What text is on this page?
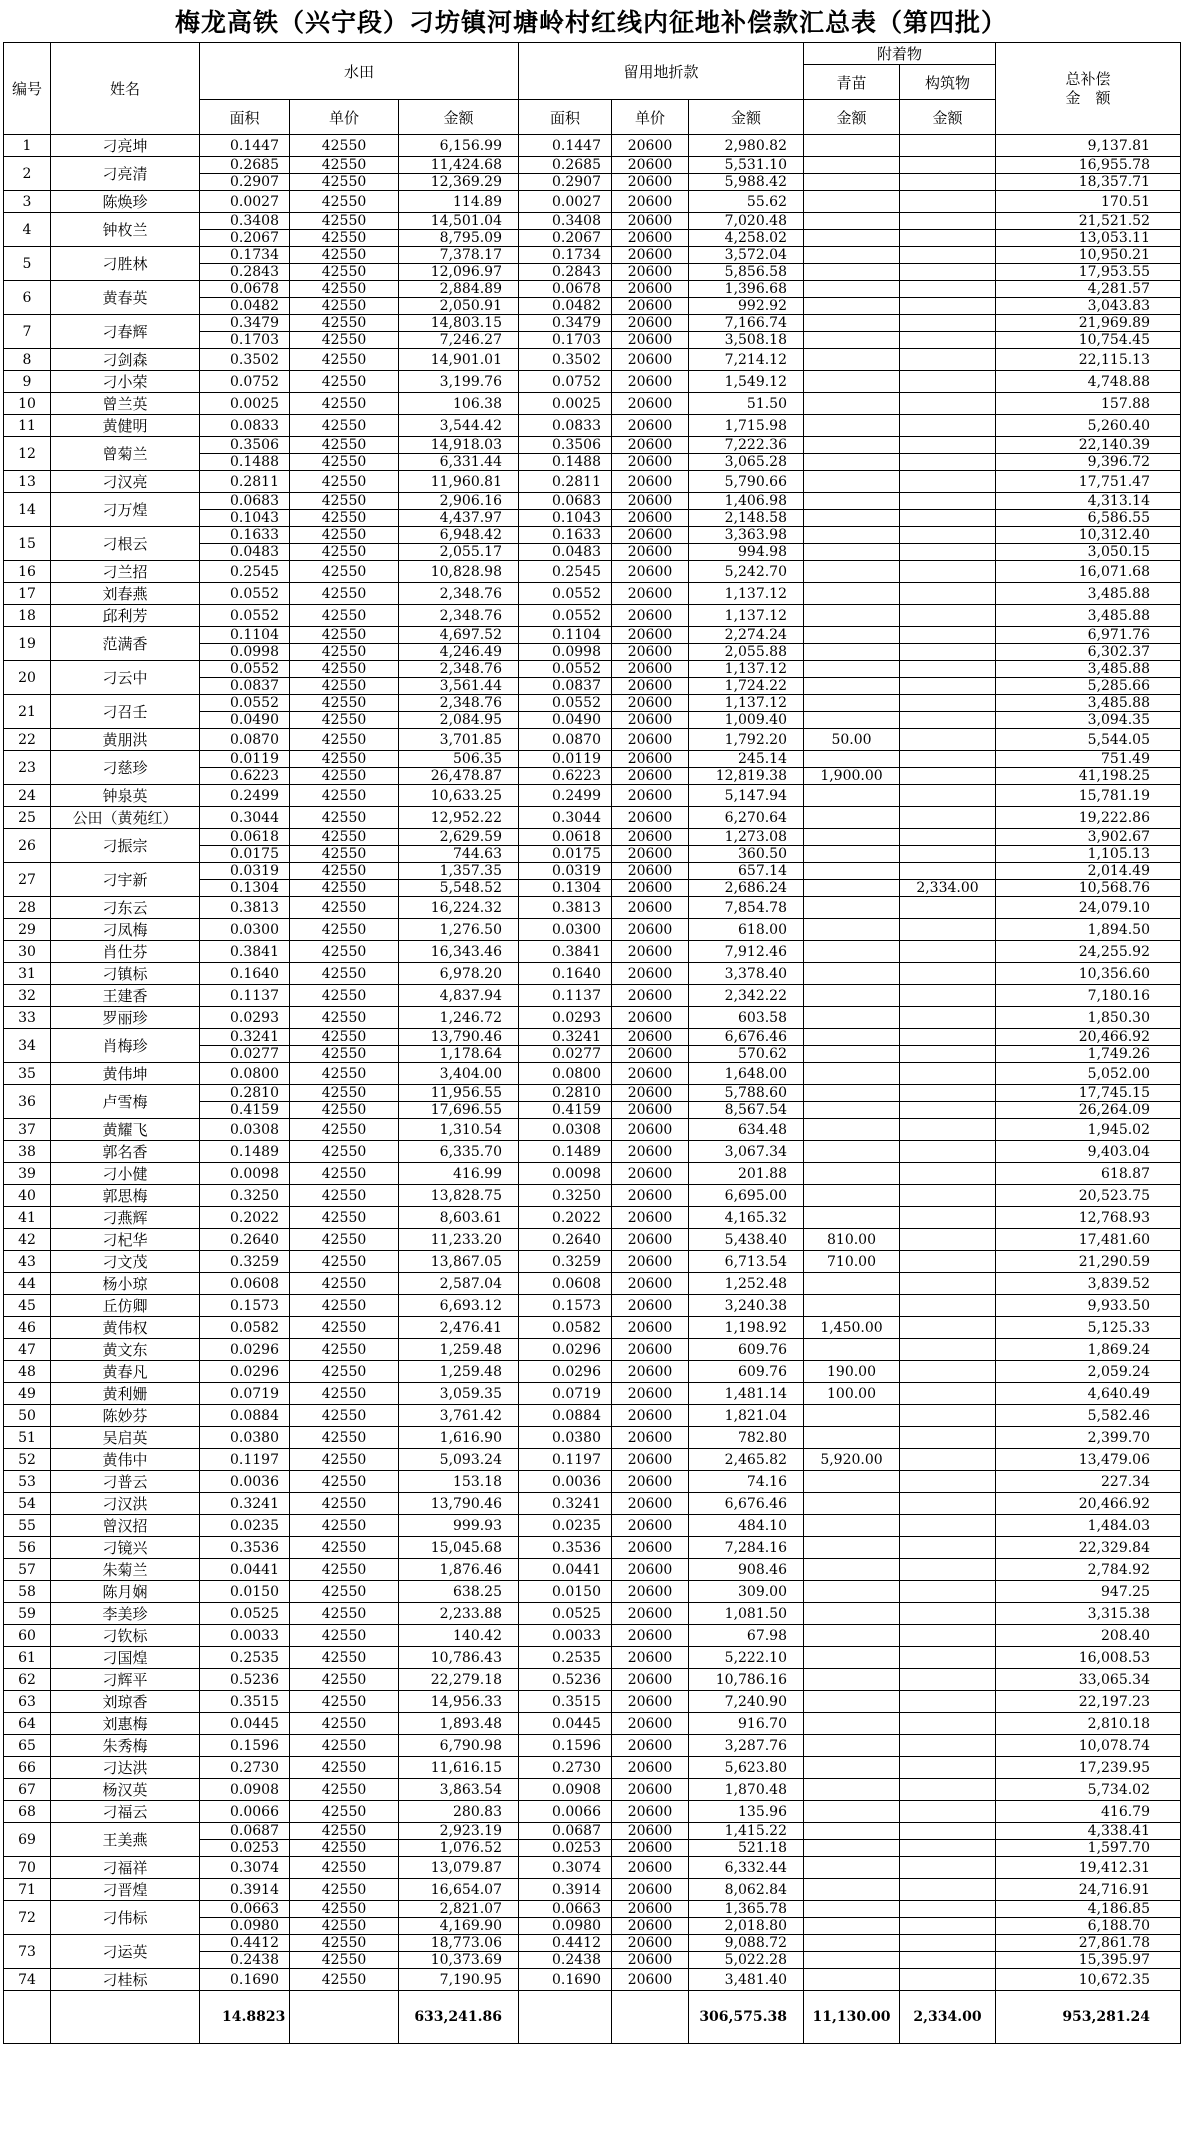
梅龙高铁（兴宁段）刁坊镇河塘岭村红线内征地补偿款汇总表（第四批）
编号	姓名	水田			留用地折款			附着物		总补偿
金　额
								青苗	构筑物	
		面积	单价	金额	面积	单价	金额	金额	金额	
1	刁亮坤	0.1447	42550	6,156.99	0.1447	20600	2,980.82			9,137.81
2	刁亮清	0.2685	42550	11,424.68	0.2685	20600	5,531.10			16,955.78
		0.2907	42550	12,369.29	0.2907	20600	5,988.42			18,357.71
3	陈焕珍	0.0027	42550	114.89	0.0027	20600	55.62			170.51
4	钟枚兰	0.3408	42550	14,501.04	0.3408	20600	7,020.48			21,521.52
		0.2067	42550	8,795.09	0.2067	20600	4,258.02			13,053.11
5	刁胜林	0.1734	42550	7,378.17	0.1734	20600	3,572.04			10,950.21
		0.2843	42550	12,096.97	0.2843	20600	5,856.58			17,953.55
6	黄春英	0.0678	42550	2,884.89	0.0678	20600	1,396.68			4,281.57
		0.0482	42550	2,050.91	0.0482	20600	992.92			3,043.83
7	刁春辉	0.3479	42550	14,803.15	0.3479	20600	7,166.74			21,969.89
		0.1703	42550	7,246.27	0.1703	20600	3,508.18			10,754.45
8	刁剑森	0.3502	42550	14,901.01	0.3502	20600	7,214.12			22,115.13
9	刁小荣	0.0752	42550	3,199.76	0.0752	20600	1,549.12			4,748.88
10	曾兰英	0.0025	42550	106.38	0.0025	20600	51.50			157.88
11	黄健明	0.0833	42550	3,544.42	0.0833	20600	1,715.98			5,260.40
12	曾菊兰	0.3506	42550	14,918.03	0.3506	20600	7,222.36			22,140.39
		0.1488	42550	6,331.44	0.1488	20600	3,065.28			9,396.72
13	刁汉亮	0.2811	42550	11,960.81	0.2811	20600	5,790.66			17,751.47
14	刁万煌	0.0683	42550	2,906.16	0.0683	20600	1,406.98			4,313.14
		0.1043	42550	4,437.97	0.1043	20600	2,148.58			6,586.55
15	刁根云	0.1633	42550	6,948.42	0.1633	20600	3,363.98			10,312.40
		0.0483	42550	2,055.17	0.0483	20600	994.98			3,050.15
16	刁兰招	0.2545	42550	10,828.98	0.2545	20600	5,242.70			16,071.68
17	刘春燕	0.0552	42550	2,348.76	0.0552	20600	1,137.12			3,485.88
18	邱利芳	0.0552	42550	2,348.76	0.0552	20600	1,137.12			3,485.88
19	范满香	0.1104	42550	4,697.52	0.1104	20600	2,274.24			6,971.76
		0.0998	42550	4,246.49	0.0998	20600	2,055.88			6,302.37
20	刁云中	0.0552	42550	2,348.76	0.0552	20600	1,137.12			3,485.88
		0.0837	42550	3,561.44	0.0837	20600	1,724.22			5,285.66
21	刁召壬	0.0552	42550	2,348.76	0.0552	20600	1,137.12			3,485.88
		0.0490	42550	2,084.95	0.0490	20600	1,009.40			3,094.35
22	黄朋洪	0.0870	42550	3,701.85	0.0870	20600	1,792.20	50.00		5,544.05
23	刁慈珍	0.0119	42550	506.35	0.0119	20600	245.14			751.49
		0.6223	42550	26,478.87	0.6223	20600	12,819.38	1,900.00		41,198.25
24	钟泉英	0.2499	42550	10,633.25	0.2499	20600	5,147.94			15,781.19
25	公田（黄苑红）	0.3044	42550	12,952.22	0.3044	20600	6,270.64			19,222.86
26	刁振宗	0.0618	42550	2,629.59	0.0618	20600	1,273.08			3,902.67
		0.0175	42550	744.63	0.0175	20600	360.50			1,105.13
27	刁宇新	0.0319	42550	1,357.35	0.0319	20600	657.14			2,014.49
		0.1304	42550	5,548.52	0.1304	20600	2,686.24		2,334.00	10,568.76
28	刁东云	0.3813	42550	16,224.32	0.3813	20600	7,854.78			24,079.10
29	刁凤梅	0.0300	42550	1,276.50	0.0300	20600	618.00			1,894.50
30	肖仕芬	0.3841	42550	16,343.46	0.3841	20600	7,912.46			24,255.92
31	刁镇标	0.1640	42550	6,978.20	0.1640	20600	3,378.40			10,356.60
32	王建香	0.1137	42550	4,837.94	0.1137	20600	2,342.22			7,180.16
33	罗丽珍	0.0293	42550	1,246.72	0.0293	20600	603.58			1,850.30
34	肖梅珍	0.3241	42550	13,790.46	0.3241	20600	6,676.46			20,466.92
		0.0277	42550	1,178.64	0.0277	20600	570.62			1,749.26
35	黄伟坤	0.0800	42550	3,404.00	0.0800	20600	1,648.00			5,052.00
36	卢雪梅	0.2810	42550	11,956.55	0.2810	20600	5,788.60			17,745.15
		0.4159	42550	17,696.55	0.4159	20600	8,567.54			26,264.09
37	黄耀飞	0.0308	42550	1,310.54	0.0308	20600	634.48			1,945.02
38	郭名香	0.1489	42550	6,335.70	0.1489	20600	3,067.34			9,403.04
39	刁小健	0.0098	42550	416.99	0.0098	20600	201.88			618.87
40	郭思梅	0.3250	42550	13,828.75	0.3250	20600	6,695.00			20,523.75
41	刁燕辉	0.2022	42550	8,603.61	0.2022	20600	4,165.32			12,768.93
42	刁杞华	0.2640	42550	11,233.20	0.2640	20600	5,438.40	810.00		17,481.60
43	刁文茂	0.3259	42550	13,867.05	0.3259	20600	6,713.54	710.00		21,290.59
44	杨小琼	0.0608	42550	2,587.04	0.0608	20600	1,252.48			3,839.52
45	丘仿卿	0.1573	42550	6,693.12	0.1573	20600	3,240.38			9,933.50
46	黄伟权	0.0582	42550	2,476.41	0.0582	20600	1,198.92	1,450.00		5,125.33
47	黄文东	0.0296	42550	1,259.48	0.0296	20600	609.76			1,869.24
48	黄春凡	0.0296	42550	1,259.48	0.0296	20600	609.76	190.00		2,059.24
49	黄利姗	0.0719	42550	3,059.35	0.0719	20600	1,481.14	100.00		4,640.49
50	陈妙芬	0.0884	42550	3,761.42	0.0884	20600	1,821.04			5,582.46
51	吴启英	0.0380	42550	1,616.90	0.0380	20600	782.80			2,399.70
52	黄伟中	0.1197	42550	5,093.24	0.1197	20600	2,465.82	5,920.00		13,479.06
53	刁普云	0.0036	42550	153.18	0.0036	20600	74.16			227.34
54	刁汉洪	0.3241	42550	13,790.46	0.3241	20600	6,676.46			20,466.92
55	曾汉招	0.0235	42550	999.93	0.0235	20600	484.10			1,484.03
56	刁镜兴	0.3536	42550	15,045.68	0.3536	20600	7,284.16			22,329.84
57	朱菊兰	0.0441	42550	1,876.46	0.0441	20600	908.46			2,784.92
58	陈月娴	0.0150	42550	638.25	0.0150	20600	309.00			947.25
59	李美珍	0.0525	42550	2,233.88	0.0525	20600	1,081.50			3,315.38
60	刁钦标	0.0033	42550	140.42	0.0033	20600	67.98			208.40
61	刁国煌	0.2535	42550	10,786.43	0.2535	20600	5,222.10			16,008.53
62	刁辉平	0.5236	42550	22,279.18	0.5236	20600	10,786.16			33,065.34
63	刘琼香	0.3515	42550	14,956.33	0.3515	20600	7,240.90			22,197.23
64	刘惠梅	0.0445	42550	1,893.48	0.0445	20600	916.70			2,810.18
65	朱秀梅	0.1596	42550	6,790.98	0.1596	20600	3,287.76			10,078.74
66	刁达洪	0.2730	42550	11,616.15	0.2730	20600	5,623.80			17,239.95
67	杨汉英	0.0908	42550	3,863.54	0.0908	20600	1,870.48			5,734.02
68	刁福云	0.0066	42550	280.83	0.0066	20600	135.96			416.79
69	王美燕	0.0687	42550	2,923.19	0.0687	20600	1,415.22			4,338.41
		0.0253	42550	1,076.52	0.0253	20600	521.18			1,597.70
70	刁福祥	0.3074	42550	13,079.87	0.3074	20600	6,332.44			19,412.31
71	刁晋煌	0.3914	42550	16,654.07	0.3914	20600	8,062.84			24,716.91
72	刁伟标	0.0663	42550	2,821.07	0.0663	20600	1,365.78			4,186.85
		0.0980	42550	4,169.90	0.0980	20600	2,018.80			6,188.70
73	刁运英	0.4412	42550	18,773.06	0.4412	20600	9,088.72			27,861.78
		0.2438	42550	10,373.69	0.2438	20600	5,022.28			15,395.97
74	刁桂标	0.1690	42550	7,190.95	0.1690	20600	3,481.40			10,672.35
		14.8823		633,241.86			306,575.38	11,130.00	2,334.00	953,281.24
